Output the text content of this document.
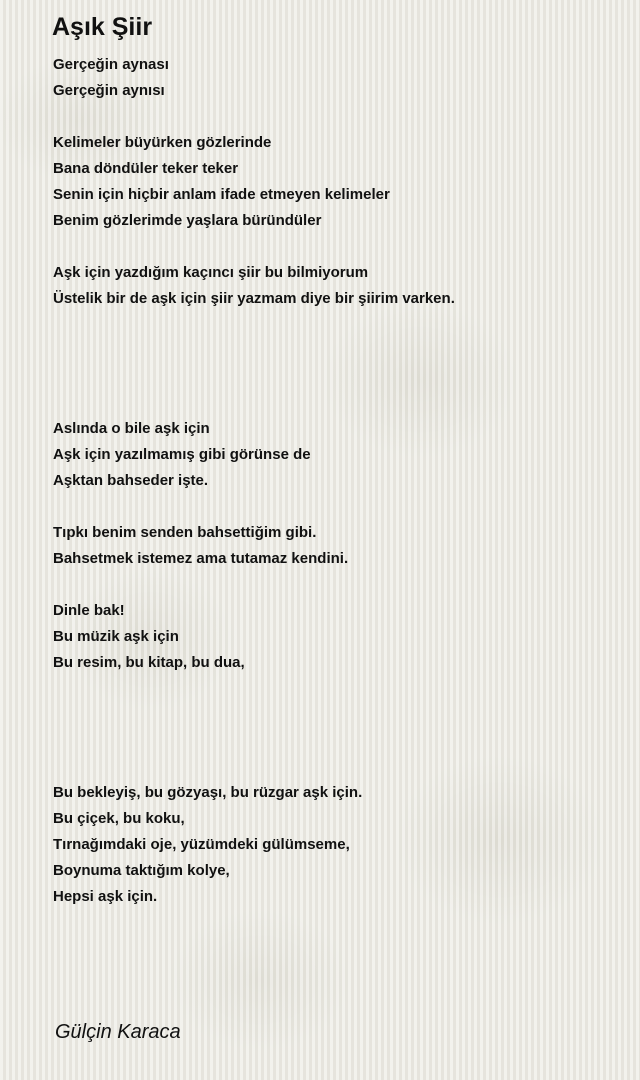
Aşık Şiir
Gerçeğin aynası
Gerçeğin aynısı
Kelimeler büyürken gözlerinde
Bana döndüler teker teker
Senin için hiçbir anlam ifade etmeyen kelimeler
Benim gözlerimde yaşlara büründüler
Aşk için yazdığım kaçıncı şiir bu bilmiyorum
Üstelik bir de aşk için şiir yazmam diye bir şiirim varken.
Aslında o bile aşk için
Aşk için yazılmamış gibi görünse de
Aşktan bahseder işte.
Tıpkı benim senden bahsettiğim gibi.
Bahsetmek istemez ama tutamaz kendini.
Dinle bak!
Bu müzik aşk için
Bu resim, bu kitap, bu dua,
Bu bekleyiş, bu gözyaşı, bu rüzgar aşk için.
Bu çiçek, bu koku,
Tırnağımdaki oje, yüzümdeki gülümseme,
Boynuma taktığım kolye,
Hepsi aşk için.
Gülçin Karaca
